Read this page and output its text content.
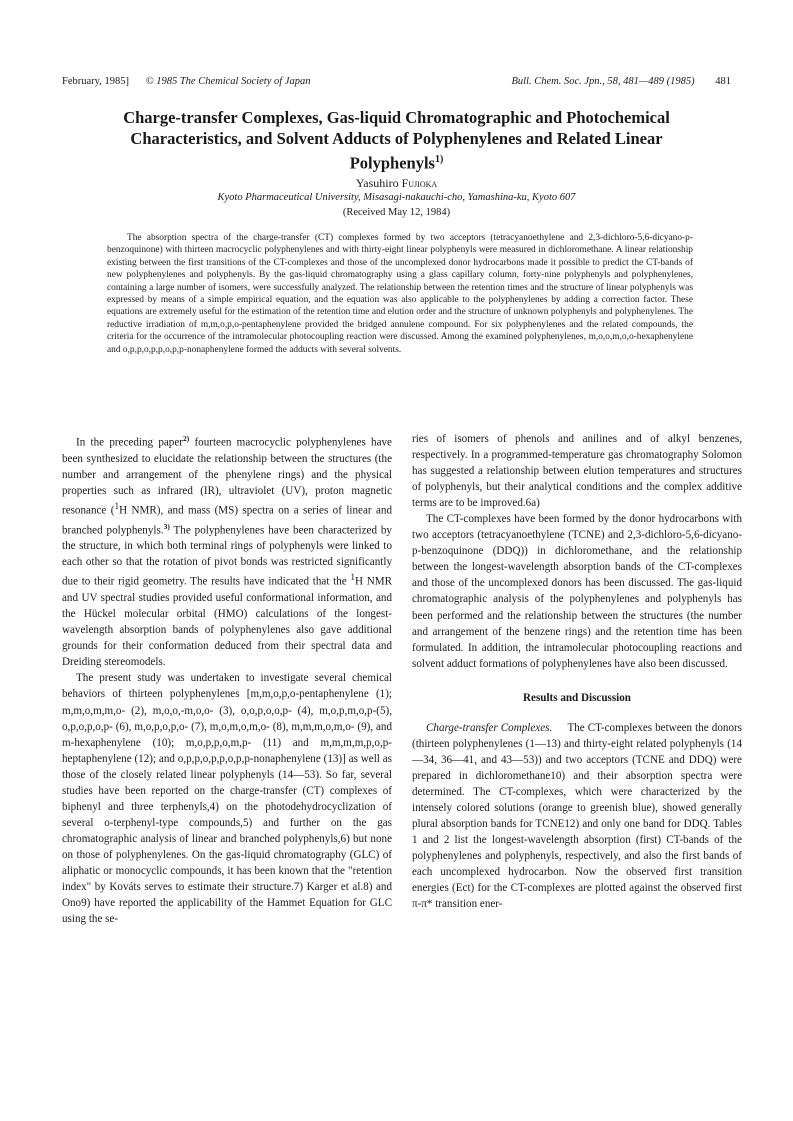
February, 1985] © 1985 The Chemical Society of Japan	Bull. Chem. Soc. Jpn., 58, 481—489 (1985) 481
Charge-transfer Complexes, Gas-liquid Chromatographic and Photochemical Characteristics, and Solvent Adducts of Polyphenylenes and Related Linear Polyphenyls$^{1)}$
Yasuhiro Fujioka
Kyoto Pharmaceutical University, Misasagi-nakauchi-cho, Yamashina-ku, Kyoto 607
(Received May 12, 1984)

The absorption spectra of the charge-transfer (CT) complexes formed by two acceptors (tetracyanoethylene and 2,3-dichloro-5,6-dicyano-p-benzoquinone) with thirteen macrocyclic polyphenylenes and with thirty-eight linear polyphenyls were measured in dichloromethane. A linear relationship existing between the first transitions of the CT-complexes and those of the uncomplexed donor hydrocarbons made it possible to predict the CT-bands of new polyphenylenes and polyphenyls. By the gas-liquid chromatography using a glass capillary column, forty-nine polyphenyls and polyphenylenes, containing a large number of isomers, were successfully analyzed. The relationship between the retention times and the structure of linear polyphenyls was expressed by means of a simple empirical equation, and the equation was also applicable to the polyphenylenes by adding a correction factor. These equations are extremely useful for the estimation of the retention time and elution order and the structure of unknown polyphenyls and polyphenylenes. The reductive irradiation of m,m,o,p,o-pentaphenylene provided the bridged annulene compound. For six polyphenylenes and the related compounds, the criteria for the occurrence of the intramolecular photocoupling reaction were discussed. Among the examined polyphenylenes, m,o,o,m,o,o-hexaphenylene and o,p,p,o,p,p,o,p,p-nonaphenylene formed the adducts with several solvents.

In the preceding paper$^{2)}$ fourteen macrocyclic polyphenylenes have been synthesized to elucidate the relationship between the structures (the number and arrangement of the phenylene rings) and the physical properties such as infrared (IR), ultraviolet (UV), proton magnetic resonance ($^1$H NMR), and mass (MS) spectra on a series of linear and branched polyphenyls.$^{3)}$ The polyphenylenes have been characterized by the structure, in which both terminal rings of polyphenyls were linked to each other so that the rotation of pivot bonds was restricted significantly due to their rigid geometry. The results have indicated that the $^1$H NMR and UV spectral studies provided useful conformational information, and the Hückel molecular orbital (HMO) calculations of the longest-wavelength absorption bands of polyphenylenes also gave additional grounds for their conformation deduced from their spectral data and Dreiding stereomodels.

The present study was undertaken to investigate several chemical behaviors of thirteen polyphenylenes [m,m,o,p,o-pentaphenylene (1); m,m,o,m,m,o- (2), m,o,o,-m,o,o- (3), o,o,p,o,o,p- (4), m,o,p,m,o,p-(5), o,p,o,p,o,p- (6), m,o,p,o,p,o- (7), m,o,m,o,m,o- (8), m,m,m,o,m,o- (9), and m-hexaphenylene (10); m,o,p,p,o,m,p- (11) and m,m,m,m,p,o,p-heptaphenylene (12); and o,p,p,o,p,p,o,p,p-nonaphenylene (13)] as well as those of the closely related linear polyphenyls (14—53). So far, several studies have been reported on the charge-transfer (CT) complexes of biphenyl and three terphenyls,4) on the photodehydrocyclization of several o-terphenyl-type compounds,5) and further on the gas chromatographic analysis of linear and branched polyphenyls,6) but none on those of polyphenylenes. On the gas-liquid chromatography (GLC) of aliphatic or monocyclic compounds, it has been known that the "retention index" by Kováts serves to estimate their structure.7) Karger et al.8) and Ono9) have reported the applicability of the Hammet Equation for GLC using the se-

ries of isomers of phenols and anilines and of alkyl benzenes, respectively. In a programmed-temperature gas chromatography Solomon has suggested a relationship between elution temperatures and structures of polyphenyls, but their analytical conditions and the complex additive terms are to be improved.6a)

The CT-complexes have been formed by the donor hydrocarbons with two acceptors (tetracyanoethylene (TCNE) and 2,3-dichloro-5,6-dicyano-p-benzoquinone (DDQ)) in dichloromethane, and the relationship between the longest-wavelength absorption bands of the CT-complexes and those of the uncomplexed donors has been discussed. The gas-liquid chromatographic analysis of the polyphenylenes and polyphenyls has been performed and the relationship between the structures (the number and arrangement of the benzene rings) and the retention time has been formulated. In addition, the intramolecular photocoupling reactions and solvent adduct formations of polyphenylenes have also been discussed.

Results and Discussion

Charge-transfer Complexes. The CT-complexes between the donors (thirteen polyphenylenes (1—13) and thirty-eight related polyphenyls (14—34, 36—41, and 43—53)) and two acceptors (TCNE and DDQ) were prepared in dichloromethane10) and their absorption spectra were determined. The CT-complexes, which were characterized by the intensely colored solutions (orange to greenish blue), showed generally plural absorption bands for TCNE12) and only one band for DDQ. Tables 1 and 2 list the longest-wavelength absorption (first) CT-bands of the polyphenylenes and polyphenyls, respectively, and also the first bands of each uncomplexed hydrocarbon. Now the observed first transition energies (Ect) for the CT-complexes are plotted against the observed first π-π* transition ener-
